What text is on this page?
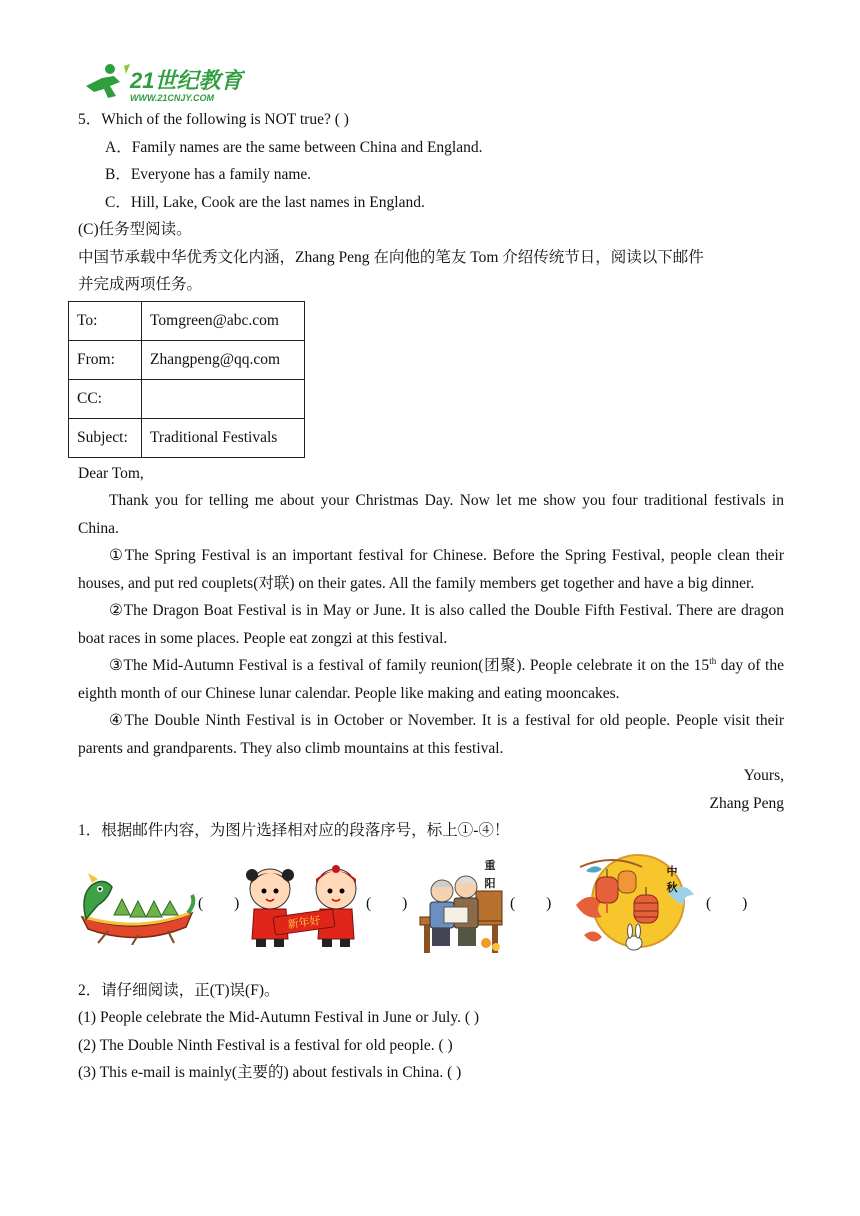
21世纪教育
WWW.21CNJY.COM
5．Which of the following is NOT true? ( )
A．Family names are the same between China and England.
B．Everyone has a family name.
C．Hill, Lake, Cook are the last names in England.
(C)任务型阅读。
中国节承载中华优秀文化内涵，Zhang Peng 在向他的笔友 Tom 介绍传统节日，阅读以下邮件
并完成两项任务。
To:	Tomgreen@abc.com
From:	Zhangpeng@qq.com
CC:	
Subject:	Traditional Festivals
Dear Tom,
Thank you for telling me about your Christmas Day. Now let me show you four traditional festivals in China.
①The Spring Festival is an important festival for Chinese. Before the Spring Festival, people clean their houses, and put red couplets(对联) on their gates. All the family members get together and have a big dinner.
②The Dragon Boat Festival is in May or June. It is also called the Double Fifth Festival. There are dragon boat races in some places. People eat zongzi at this festival.
③The Mid-Autumn Festival is a festival of family reunion(团聚). People celebrate it on the 15th day of the eighth month of our Chinese lunar calendar. People like making and eating mooncakes.
④The Double Ninth Festival is in October or November. It is a festival for old people. People visit their parents and grandparents. They also climb mountains at this festival.
Yours,
Zhang Peng
1．根据邮件内容，为图片选择相对应的段落序号，标上①-④！
(        )
新年好
(        )
重
阳
(        )
中
秋
(        )
2．请仔细阅读，正(T)误(F)。
(1) People celebrate the Mid-Autumn Festival in June or July. ( )
(2) The Double Ninth Festival is a festival for old people. ( )
(3) This e-mail is mainly(主要的) about festivals in China. ( )
